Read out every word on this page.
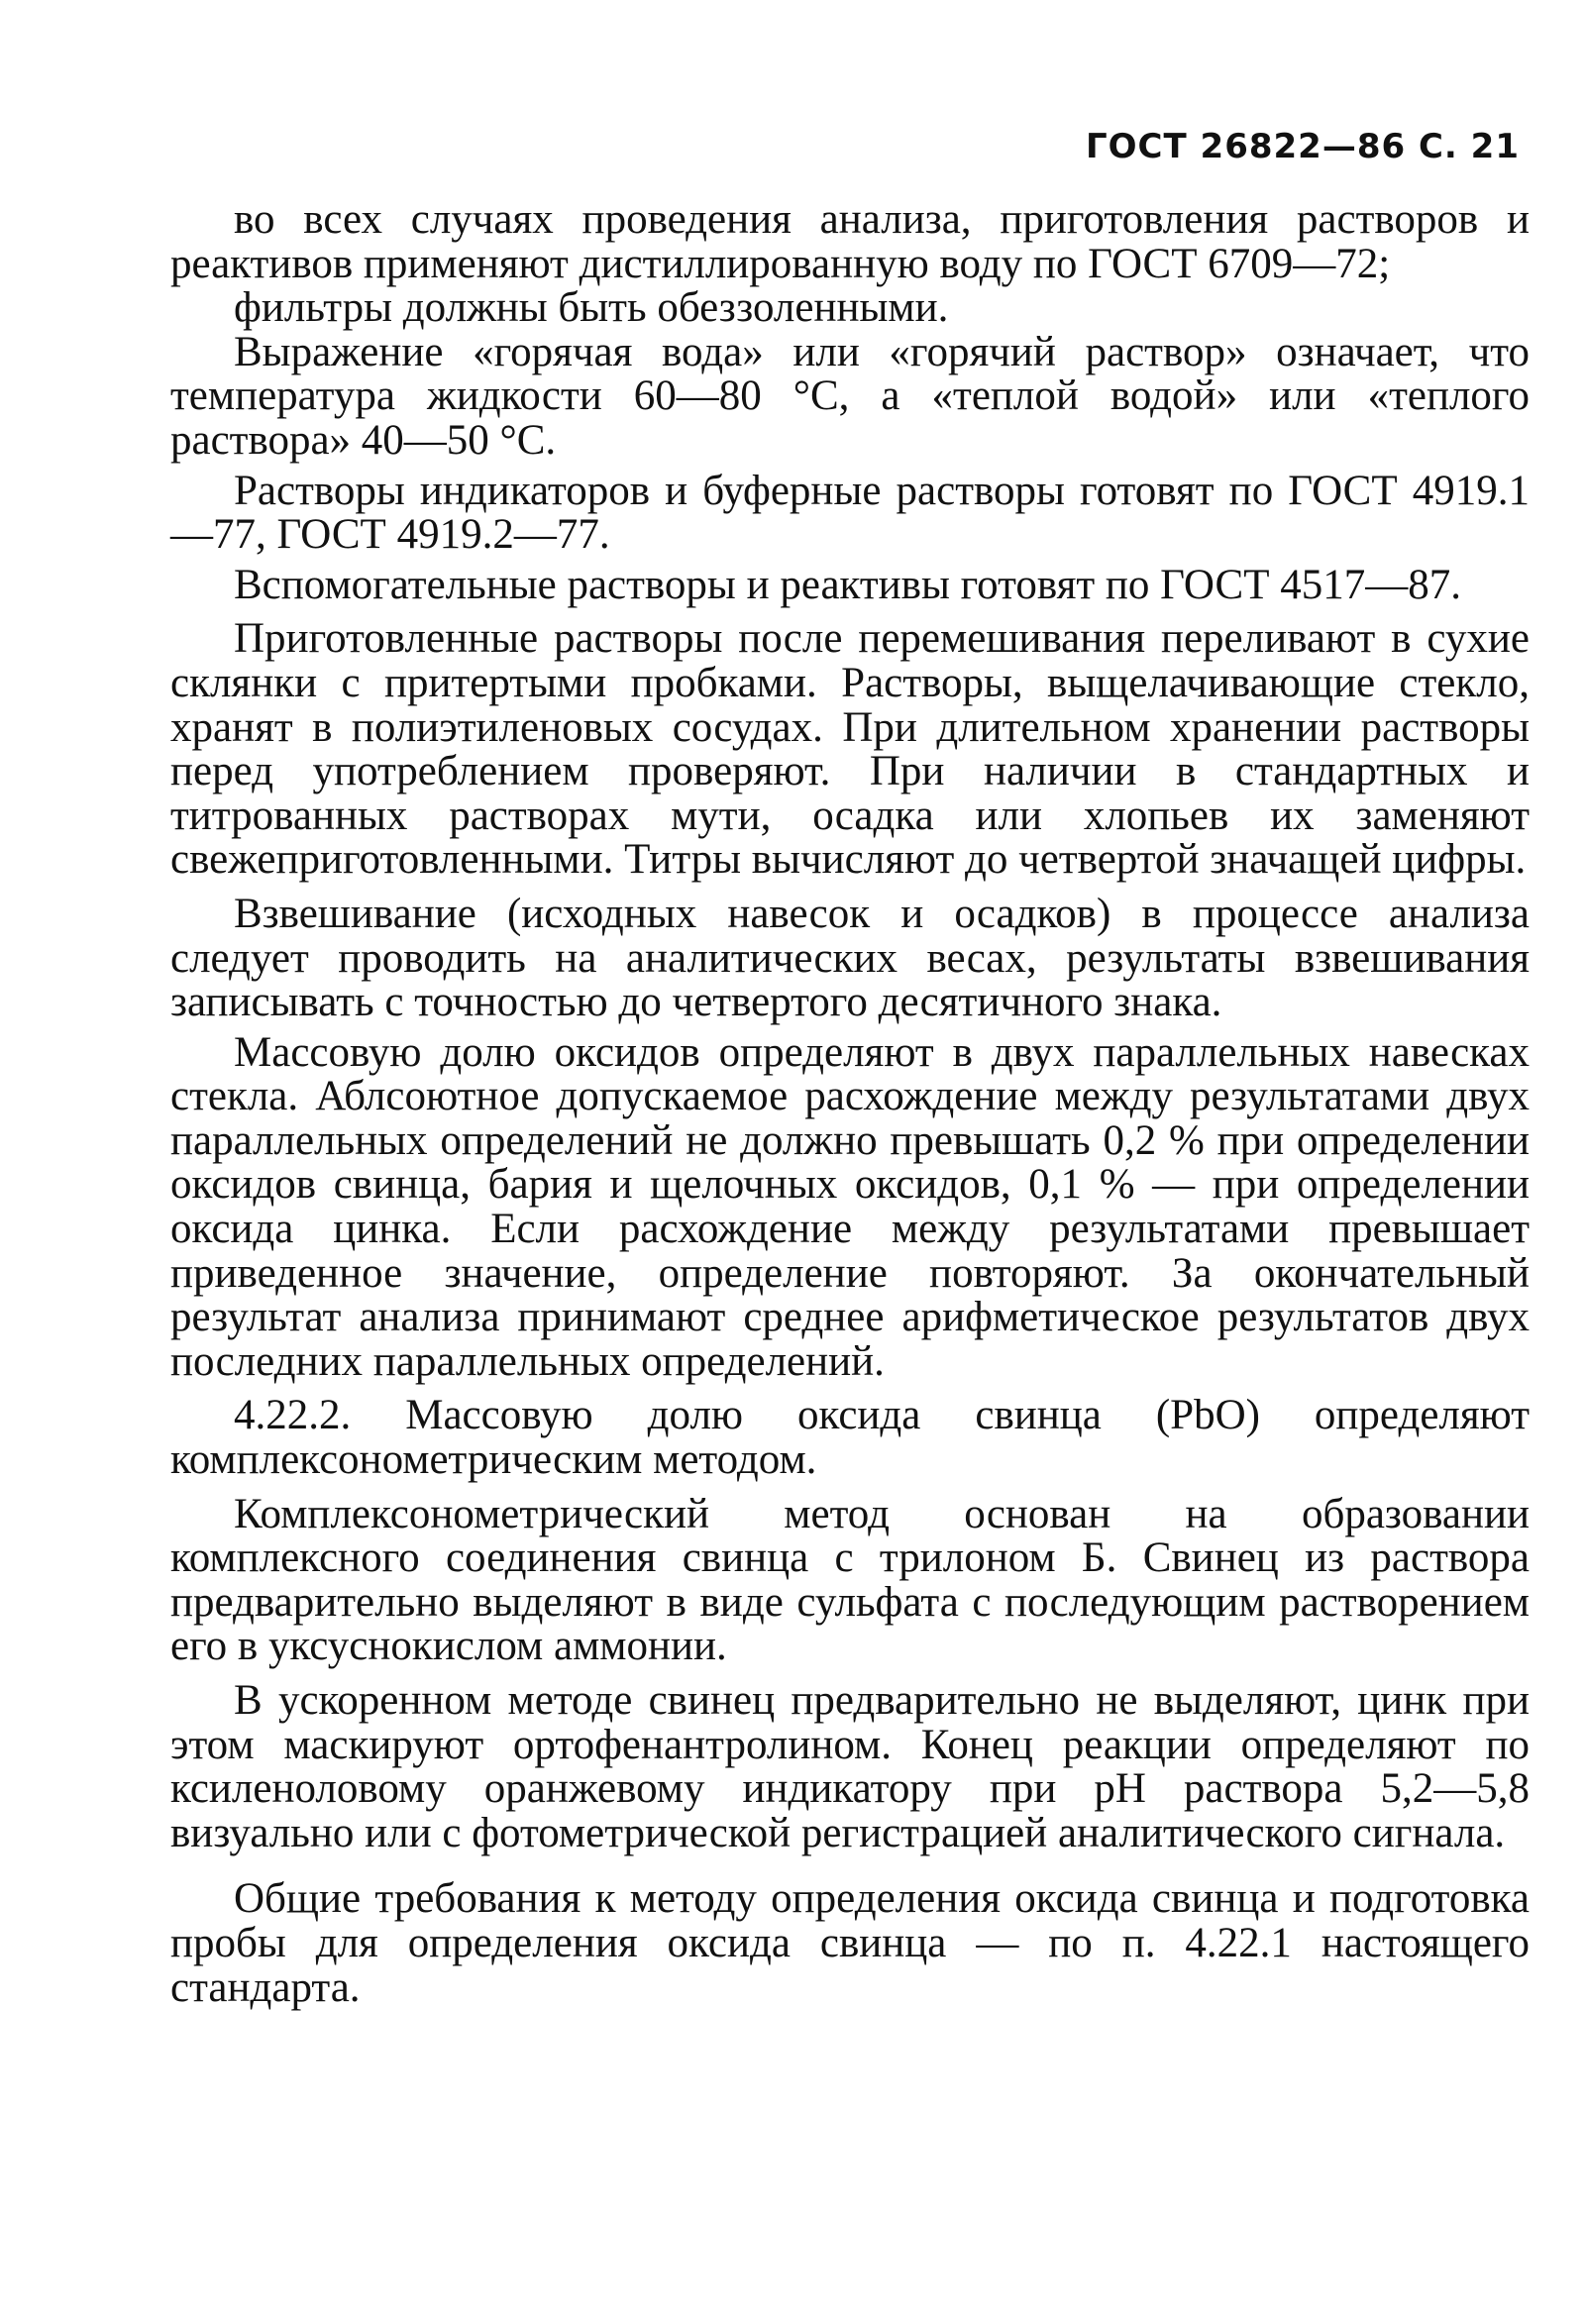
ГОСТ 26822—86 С. 21

во всех случаях проведения анализа, приготовления растворов и реактивов применяют дистиллированную воду по ГОСТ 6709—72;

фильтры должны быть обеззоленными.

Выражение «горячая вода» или «горячий раствор» означает, что температура жидкости 60—80 °С, а «теплой водой» или «теплого раствора» 40—50 °С.

Растворы индикаторов и буферные растворы готовят по ГОСТ 4919.1—77, ГОСТ 4919.2—77.

Вспомогательные растворы и реактивы готовят по ГОСТ 4517—87.

Приготовленные растворы после перемешивания переливают в сухие склянки с притертыми пробками. Растворы, выщелачивающие стекло, хранят в полиэтиленовых сосудах. При длительном хранении растворы перед употреблением проверяют. При наличии в стандартных и титрованных растворах мути, осадка или хлопьев их заменяют свежеприготовленными. Титры вычисляют до четвертой значащей цифры.

Взвешивание (исходных навесок и осадков) в процессе анализа следует проводить на аналитических весах, результаты взвешивания записывать с точностью до четвертого десятичного знака.

Массовую долю оксидов определяют в двух параллельных навесках стекла. Аблсоютное допускаемое расхождение между результатами двух параллельных определений не должно превышать 0,2 % при определении оксидов свинца, бария и щелочных оксидов, 0,1 % — при определении оксида цинка. Если расхождение между результатами превышает приведенное значение, определение повторяют. За окончательный результат анализа принимают среднее арифметическое результатов двух последних параллельных определений.

4.22.2. Массовую долю оксида свинца (PbO) определяют комплексонометрическим методом.

Комплексонометрический метод основан на образовании комплексного соединения свинца с трилоном Б. Свинец из раствора предварительно выделяют в виде сульфата с последующим растворением его в уксуснокислом аммонии.

В ускоренном методе свинец предварительно не выделяют, цинк при этом маскируют ортофенантролином. Конец реакции определяют по ксиленоловому оранжевому индикатору при pH раствора 5,2—5,8 визуально или с фотометрической регистрацией аналитического сигнала.

Общие требования к методу определения оксида свинца и подготовка пробы для определения оксида свинца — по п. 4.22.1 настоящего стандарта.
